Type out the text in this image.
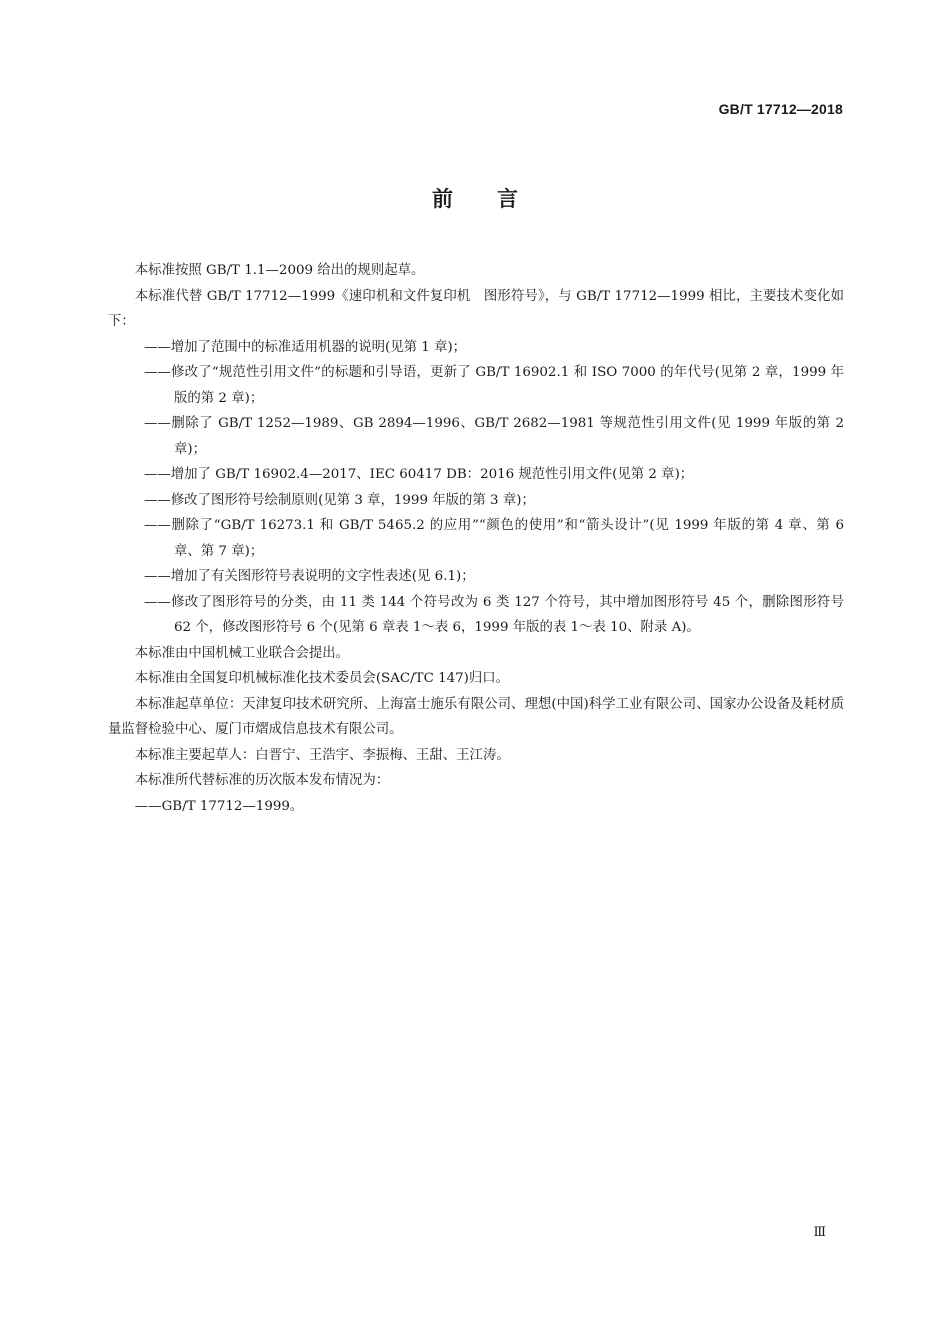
GB/T 17712—2018
前言

本标准按照 GB/T 1.1—2009 给出的规则起草。

本标准代替 GB/T 17712—1999《速印机和文件复印机　图形符号》，与 GB/T 17712—1999 相比，主要技术变化如下：

——增加了范围中的标准适用机器的说明(见第 1 章)；

——修改了“规范性引用文件”的标题和引导语，更新了 GB/T 16902.1 和 ISO 7000 的年代号(见第 2 章，1999 年版的第 2 章)；

——删除了 GB/T 1252—1989、GB 2894—1996、GB/T 2682—1981 等规范性引用文件(见 1999 年版的第 2 章)；

——增加了 GB/T 16902.4—2017、IEC 60417 DB：2016 规范性引用文件(见第 2 章)；

——修改了图形符号绘制原则(见第 3 章，1999 年版的第 3 章)；

——删除了“GB/T 16273.1 和 GB/T 5465.2 的应用”“颜色的使用”和“箭头设计”(见 1999 年版的第 4 章、第 6 章、第 7 章)；

——增加了有关图形符号表说明的文字性表述(见 6.1)；

——修改了图形符号的分类，由 11 类 144 个符号改为 6 类 127 个符号，其中增加图形符号 45 个，删除图形符号 62 个，修改图形符号 6 个(见第 6 章表 1～表 6，1999 年版的表 1～表 10、附录 A)。

本标准由中国机械工业联合会提出。

本标准由全国复印机械标准化技术委员会(SAC/TC 147)归口。

本标准起草单位：天津复印技术研究所、上海富士施乐有限公司、理想(中国)科学工业有限公司、国家办公设备及耗材质量监督检验中心、厦门市熠成信息技术有限公司。

本标准主要起草人：白晋宁、王浩宇、李振梅、王甜、王江涛。

本标准所代替标准的历次版本发布情况为：

——GB/T 17712—1999。

Ⅲ
